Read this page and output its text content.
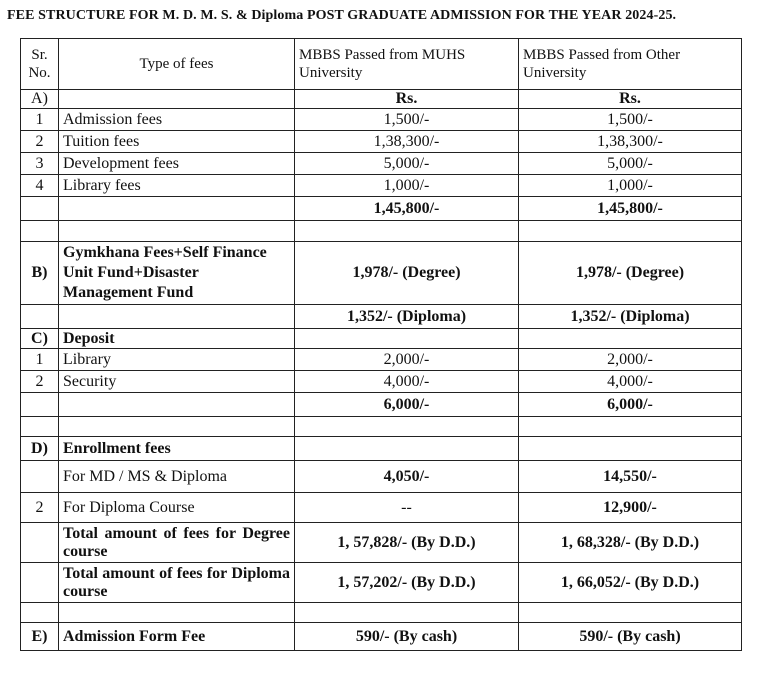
FEE STRUCTURE FOR M. D. M. S. & Diploma POST GRADUATE ADMISSION FOR THE YEAR 2024-25.
Sr. No.	Type of fees	MBBS Passed from MUHS University	MBBS Passed from Other University
A)		Rs.	Rs.
1	Admission fees	1,500/-	1,500/-
2	Tuition fees	1,38,300/-	1,38,300/-
3	Development fees	5,000/-	5,000/-
4	Library fees	1,000/-	1,000/-
		1,45,800/-	1,45,800/-

B)	Gymkhana Fees+Self Finance Unit Fund+Disaster Management Fund	1,978/- (Degree)	1,978/- (Degree)
		1,352/- (Diploma)	1,352/- (Diploma)
C)	Deposit		
1	Library	2,000/-	2,000/-
2	Security	4,000/-	4,000/-
		6,000/-	6,000/-

D)	Enrollment fees		
	For MD / MS & Diploma	4,050/-	14,550/-
2	For Diploma Course	--	12,900/-
	Total amount of fees for Degree course	1, 57,828/- (By D.D.)	1, 68,328/- (By D.D.)
	Total amount of fees for Diploma course	1, 57,202/- (By D.D.)	1, 66,052/- (By D.D.)

E)	Admission Form Fee	590/- (By cash)	590/- (By cash)
